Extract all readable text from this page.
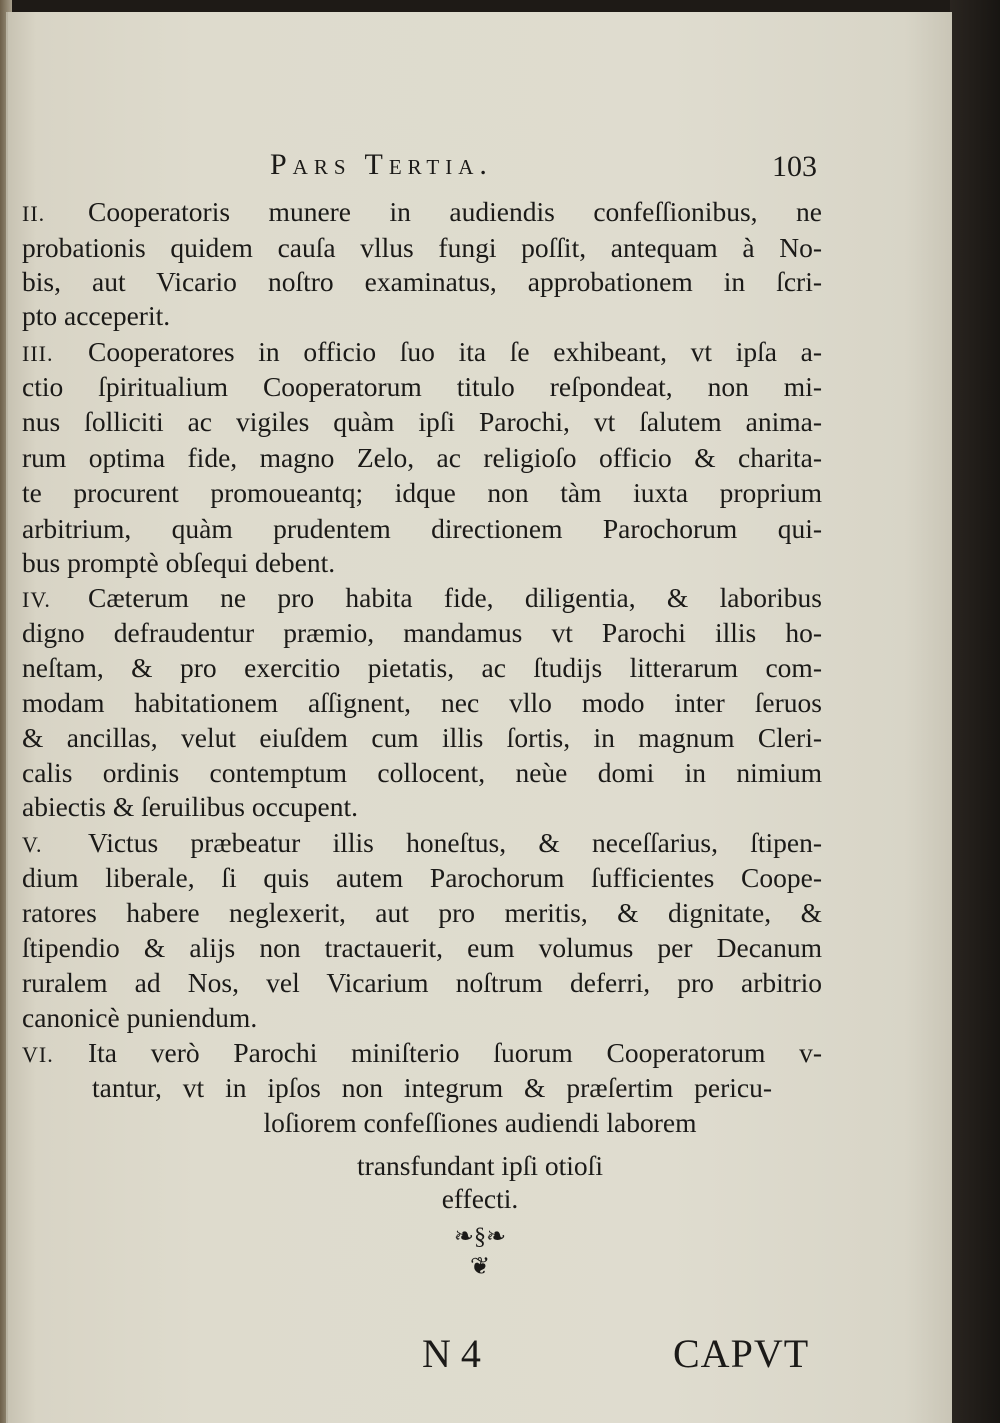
Pars Tertia.	103
II. Cooperatoris munere in audiendis confeſſionibus, ne
probationis quidem cauſa vllus fungi poſſit, antequam à No-
bis, aut Vicario noſtro examinatus, approbationem in ſcri-
pto acceperit.
III. Cooperatores in officio ſuo ita ſe exhibeant, vt ipſa a-
ctio ſpiritualium Cooperatorum titulo reſpondeat, non mi-
nus ſolliciti ac vigiles quàm ipſi Parochi, vt ſalutem anima-
rum optima fide, magno Zelo, ac religioſo officio & charita-
te procurent promoueantq; idque non tàm iuxta proprium
arbitrium, quàm prudentem directionem Parochorum qui-
bus promptè obſequi debent.
IV. Cæterum ne pro habita fide, diligentia, & laboribus
digno defraudentur præmio, mandamus vt Parochi illis ho-
neſtam, & pro exercitio pietatis, ac ſtudijs litterarum com-
modam habitationem aſſignent, nec vllo modo inter ſeruos
& ancillas, velut eiuſdem cum illis ſortis, in magnum Cleri-
calis ordinis contemptum collocent, neùe domi in nimium
abiectis & ſeruilibus occupent.
V. Victus præbeatur illis honeſtus, & neceſſarius, ſtipen-
dium liberale, ſi quis autem Parochorum ſufficientes Coope-
ratores habere neglexerit, aut pro meritis, & dignitate, &
ſtipendio & alijs non tractauerit, eum volumus per Decanum
ruralem ad Nos, vel Vicarium noſtrum deferri, pro arbitrio
canonicè puniendum.
VI. Ita verò Parochi miniſterio ſuorum Cooperatorum v-
tantur, vt in ipſos non integrum & præſertim pericu-
loſiorem confeſſiones audiendi laborem
transfundant ipſi otioſi
effecti.
❧§❧
❦
N 4	CAPVT
